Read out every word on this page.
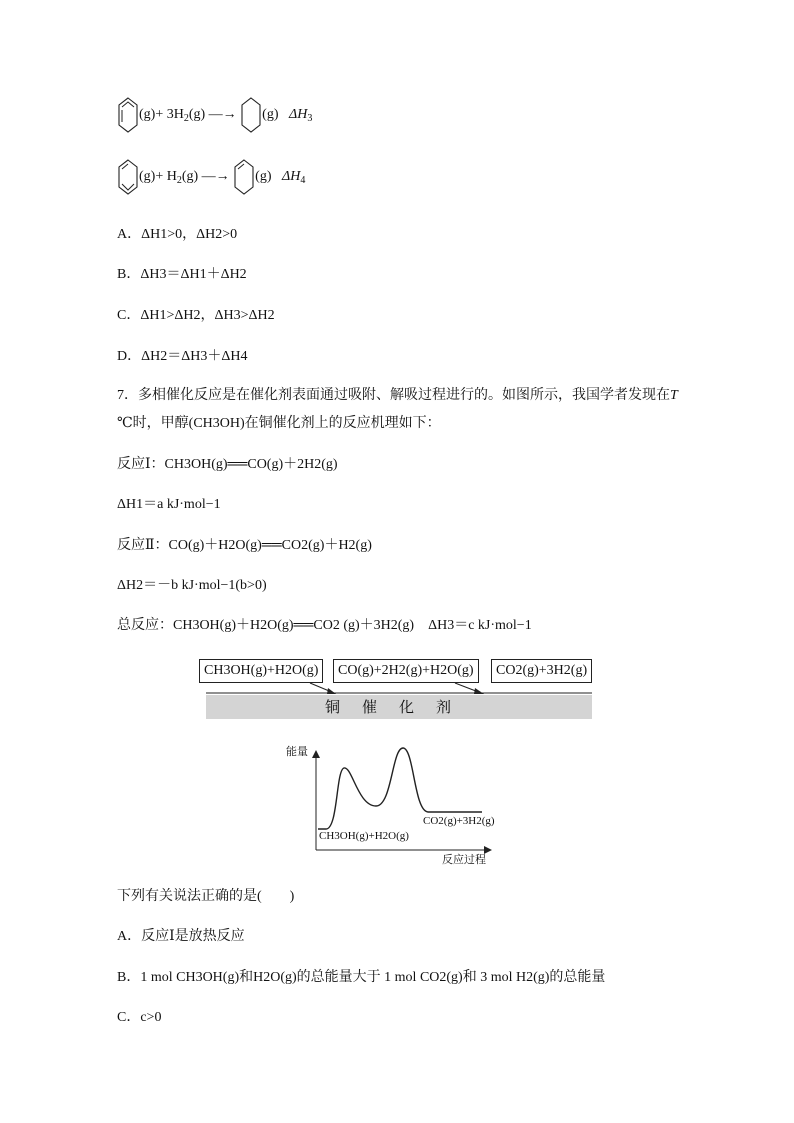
$(g)+ 3H_2(g)$ —→ (g) $\Delta H_3$
$(g)+ H_2(g)$ —→ (g) $\Delta H_4$
A．ΔH1>0，ΔH2>0
B．ΔH3＝ΔH1＋ΔH2
C．ΔH1>ΔH2，ΔH3>ΔH2
D．ΔH2＝ΔH3＋ΔH4
7．多相催化反应是在催化剂表面通过吸附、解吸过程进行的。如图所示，我国学者发现在 T
℃时，甲醇(CH3OH)在铜催化剂上的反应机理如下：
反应Ⅰ：CH3OH(g)══CO(g)＋2H2(g)
ΔH1＝a kJ·mol−1
反应Ⅱ：CO(g)＋H2O(g)══CO2(g)＋H2(g)
ΔH2＝－b kJ·mol−1(b>0)
总反应：CH3OH(g)＋H2O(g)══CO2 (g)＋3H2(g)　ΔH3＝c kJ·mol−1
CH3OH(g)+H2O(g)	CO(g)+2H2(g)+H2O(g)	CO2(g)+3H2(g)
铜催化剂
能量
反应过程
CH3OH(g)+H2O(g)
CO2(g)+3H2(g)
下列有关说法正确的是(　　)
A．反应Ⅰ是放热反应
B．1 mol CH3OH(g)和H2O(g)的总能量大于 1 mol CO2(g)和 3 mol H2(g)的总能量
C．c>0
